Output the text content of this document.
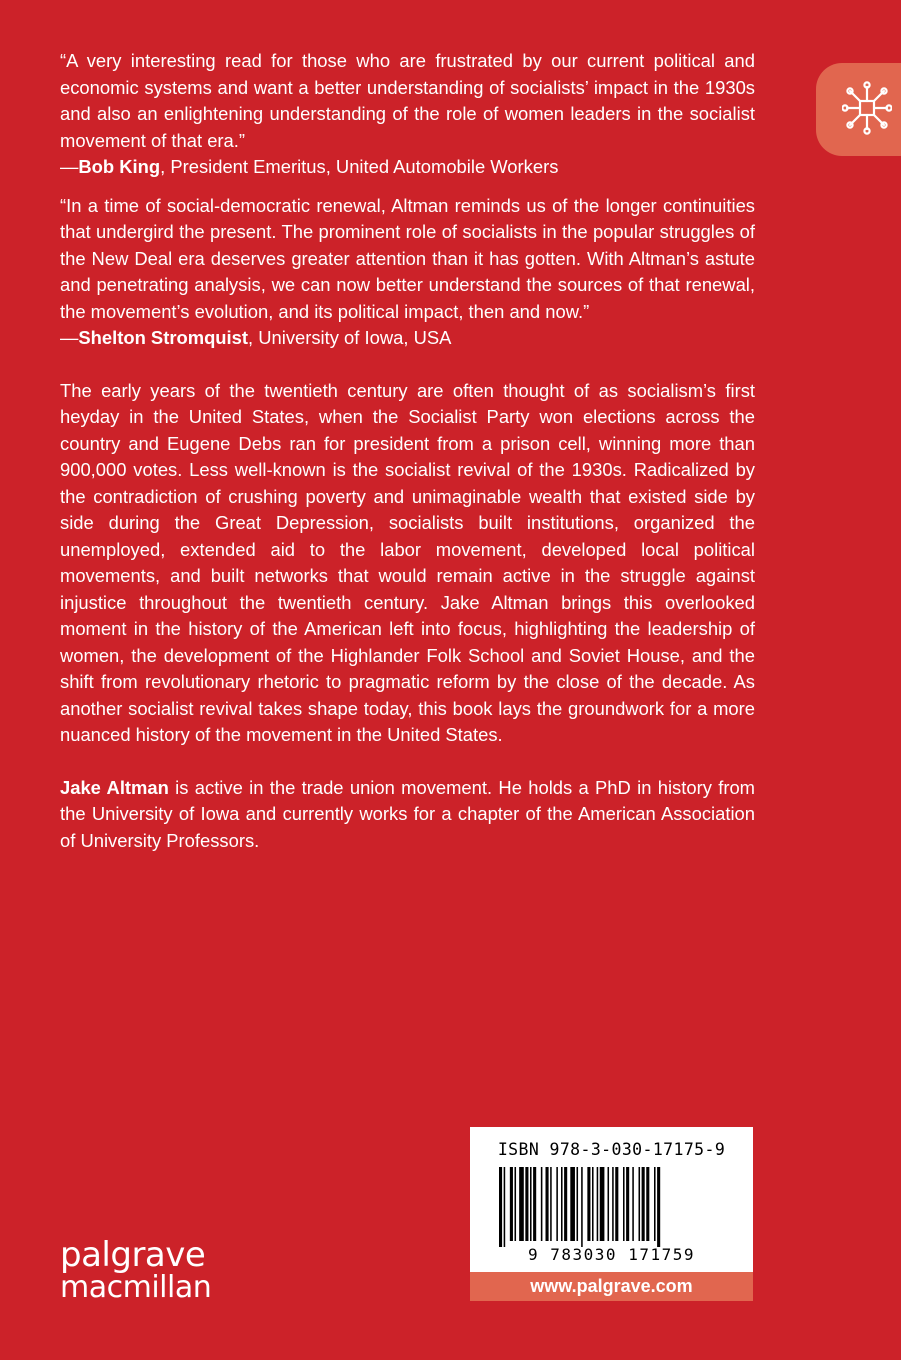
“A very interesting read for those who are frustrated by our current political and economic systems and want a better understanding of socialists’ impact in the 1930s and also an enlightening understanding of the role of women leaders in the socialist movement of that era.”

—Bob King, President Emeritus, United Automobile Workers

“In a time of social-democratic renewal, Altman reminds us of the longer continuities that undergird the present. The prominent role of socialists in the popular struggles of the New Deal era deserves greater attention than it has gotten. With Altman’s astute and penetrating analysis, we can now better understand the sources of that renewal, the movement’s evolution, and its political impact, then and now.”

—Shelton Stromquist, University of Iowa, USA

The early years of the twentieth century are often thought of as socialism’s first heyday in the United States, when the Socialist Party won elections across the country and Eugene Debs ran for president from a prison cell, winning more than 900,000 votes. Less well-known is the socialist revival of the 1930s. Radicalized by the contradiction of crushing poverty and unimaginable wealth that existed side by side during the Great Depression, socialists built institutions, organized the unemployed, extended aid to the labor movement, developed local political movements, and built networks that would remain active in the struggle against injustice throughout the twentieth century. Jake Altman brings this overlooked moment in the history of the American left into focus, highlighting the leadership of women, the development of the Highlander Folk School and Soviet House, and the shift from revolutionary rhetoric to pragmatic reform by the close of the decade. As another socialist revival takes shape today, this book lays the groundwork for a more nuanced history of the movement in the United States.

Jake Altman is active in the trade union movement. He holds a PhD in history from the University of Iowa and currently works for a chapter of the American Association of University Professors.

palgrave
macmillan
ISBN 978-3-030-17175-9
9 783030 171759
www.palgrave.com
